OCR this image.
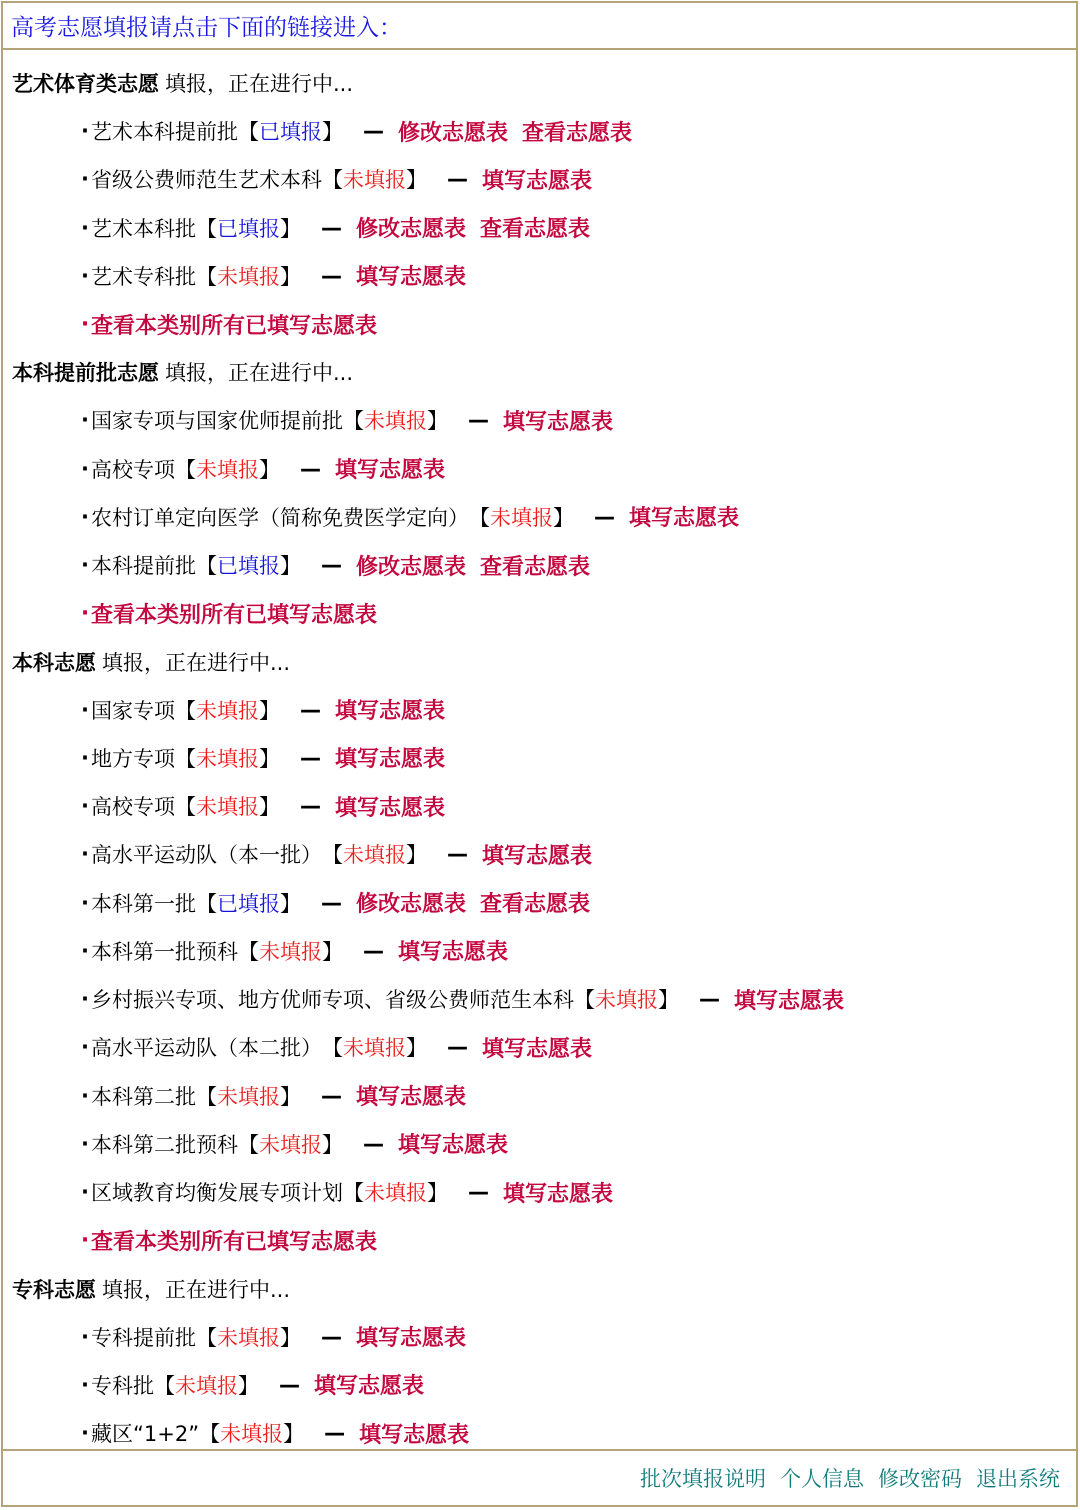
高考志愿填报请点击下面的链接进入：
艺术体育类志愿 填报，正在进行中...
· 艺术本科提前批 【 已填报 】 — 修改志愿表 查看志愿表
· 省级公费师范生艺术本科 【 未填报 】 — 填写志愿表
· 艺术本科批 【 已填报 】 — 修改志愿表 查看志愿表
· 艺术专科批 【 未填报 】 — 填写志愿表
· 查看本类别所有已填写志愿表
本科提前批志愿 填报，正在进行中...
· 国家专项与国家优师提前批 【 未填报 】 — 填写志愿表
· 高校专项 【 未填报 】 — 填写志愿表
· 农村订单定向医学（简称免费医学定向） 【 未填报 】 — 填写志愿表
· 本科提前批 【 已填报 】 — 修改志愿表 查看志愿表
· 查看本类别所有已填写志愿表
本科志愿 填报，正在进行中...
· 国家专项 【 未填报 】 — 填写志愿表
· 地方专项 【 未填报 】 — 填写志愿表
· 高校专项 【 未填报 】 — 填写志愿表
· 高水平运动队（本一批） 【 未填报 】 — 填写志愿表
· 本科第一批 【 已填报 】 — 修改志愿表 查看志愿表
· 本科第一批预科 【 未填报 】 — 填写志愿表
· 乡村振兴专项、地方优师专项、省级公费师范生本科 【 未填报 】 — 填写志愿表
· 高水平运动队（本二批） 【 未填报 】 — 填写志愿表
· 本科第二批 【 未填报 】 — 填写志愿表
· 本科第二批预科 【 未填报 】 — 填写志愿表
· 区域教育均衡发展专项计划 【 未填报 】 — 填写志愿表
· 查看本类别所有已填写志愿表
专科志愿 填报，正在进行中...
· 专科提前批 【 未填报 】 — 填写志愿表
· 专科批 【 未填报 】 — 填写志愿表
· 藏区“1+2” 【 未填报 】 — 填写志愿表
批次填报说明 个人信息 修改密码 退出系统
